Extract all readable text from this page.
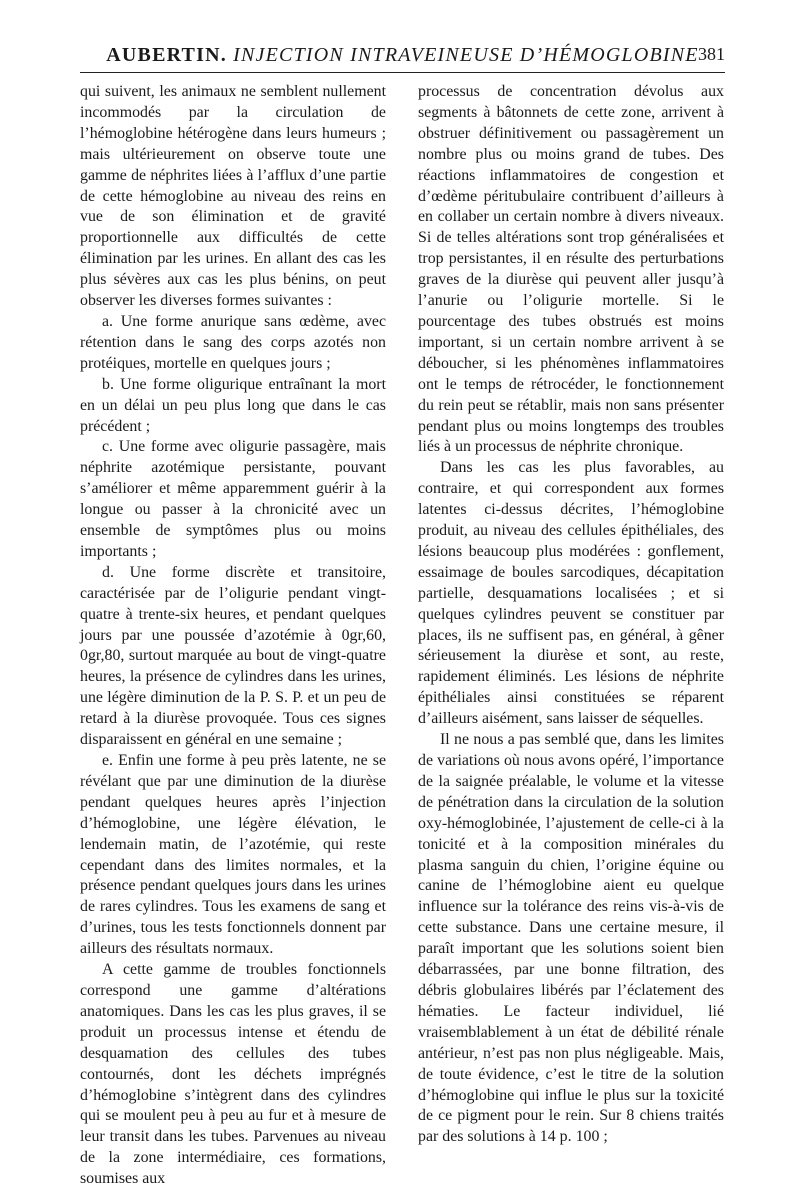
AUBERTIN. INJECTION INTRAVEINEUSE D’HÉMOGLOBINE 381

qui suivent, les animaux ne semblent nullement incommodés par la circulation de l’hémoglobine hétérogène dans leurs humeurs ; mais ultérieurement on observe toute une gamme de néphrites liées à l’afflux d’une partie de cette hémoglobine au niveau des reins en vue de son élimination et de gravité proportionnelle aux difficultés de cette élimination par les urines. En allant des cas les plus sévères aux cas les plus bénins, on peut observer les diverses formes suivantes :

a. Une forme anurique sans œdème, avec rétention dans le sang des corps azotés non protéiques, mortelle en quelques jours ;

b. Une forme oligurique entraînant la mort en un délai un peu plus long que dans le cas précédent ;

c. Une forme avec oligurie passagère, mais néphrite azotémique persistante, pouvant s’améliorer et même apparemment guérir à la longue ou passer à la chronicité avec un ensemble de symptômes plus ou moins importants ;

d. Une forme discrète et transitoire, caractérisée par de l’oligurie pendant vingt-quatre à trente-six heures, et pendant quelques jours par une poussée d’azotémie à 0gr,60, 0gr,80, surtout marquée au bout de vingt-quatre heures, la présence de cylindres dans les urines, une légère diminution de la P. S. P. et un peu de retard à la diurèse provoquée. Tous ces signes disparaissent en général en une semaine ;

e. Enfin une forme à peu près latente, ne se révélant que par une diminution de la diurèse pendant quelques heures après l’injection d’hémoglobine, une légère élévation, le lendemain matin, de l’azotémie, qui reste cependant dans des limites normales, et la présence pendant quelques jours dans les urines de rares cylindres. Tous les examens de sang et d’urines, tous les tests fonctionnels donnent par ailleurs des résultats normaux.

A cette gamme de troubles fonctionnels correspond une gamme d’altérations anatomiques. Dans les cas les plus graves, il se produit un processus intense et étendu de desquamation des cellules des tubes contournés, dont les déchets imprégnés d’hémoglobine s’intègrent dans des cylindres qui se moulent peu à peu au fur et à mesure de leur transit dans les tubes. Parvenues au niveau de la zone intermédiaire, ces formations, soumises aux

processus de concentration dévolus aux segments à bâtonnets de cette zone, arrivent à obstruer définitivement ou passagèrement un nombre plus ou moins grand de tubes. Des réactions inflammatoires de congestion et d’œdème péritubulaire contribuent d’ailleurs à en collaber un certain nombre à divers niveaux. Si de telles altérations sont trop généralisées et trop persistantes, il en résulte des perturbations graves de la diurèse qui peuvent aller jusqu’à l’anurie ou l’oligurie mortelle. Si le pourcentage des tubes obstrués est moins important, si un certain nombre arrivent à se déboucher, si les phénomènes inflammatoires ont le temps de rétrocéder, le fonctionnement du rein peut se rétablir, mais non sans présenter pendant plus ou moins longtemps des troubles liés à un processus de néphrite chronique.

Dans les cas les plus favorables, au contraire, et qui correspondent aux formes latentes ci-dessus décrites, l’hémoglobine produit, au niveau des cellules épithéliales, des lésions beaucoup plus modérées : gonflement, essaimage de boules sarcodiques, décapitation partielle, desquamations localisées ; et si quelques cylindres peuvent se constituer par places, ils ne suffisent pas, en général, à gêner sérieusement la diurèse et sont, au reste, rapidement éliminés. Les lésions de néphrite épithéliales ainsi constituées se réparent d’ailleurs aisément, sans laisser de séquelles.

Il ne nous a pas semblé que, dans les limites de variations où nous avons opéré, l’importance de la saignée préalable, le volume et la vitesse de pénétration dans la circulation de la solution oxy-hémoglobinée, l’ajustement de celle-ci à la tonicité et à la composition minérales du plasma sanguin du chien, l’origine équine ou canine de l’hémoglobine aient eu quelque influence sur la tolérance des reins vis-à-vis de cette substance. Dans une certaine mesure, il paraît important que les solutions soient bien débarrassées, par une bonne filtration, des débris globulaires libérés par l’éclatement des hématies. Le facteur individuel, lié vraisemblablement à un état de débilité rénale antérieur, n’est pas non plus négligeable. Mais, de toute évidence, c’est le titre de la solution d’hémoglobine qui influe le plus sur la toxicité de ce pigment pour le rein. Sur 8 chiens traités par des solutions à 14 p. 100 ;
